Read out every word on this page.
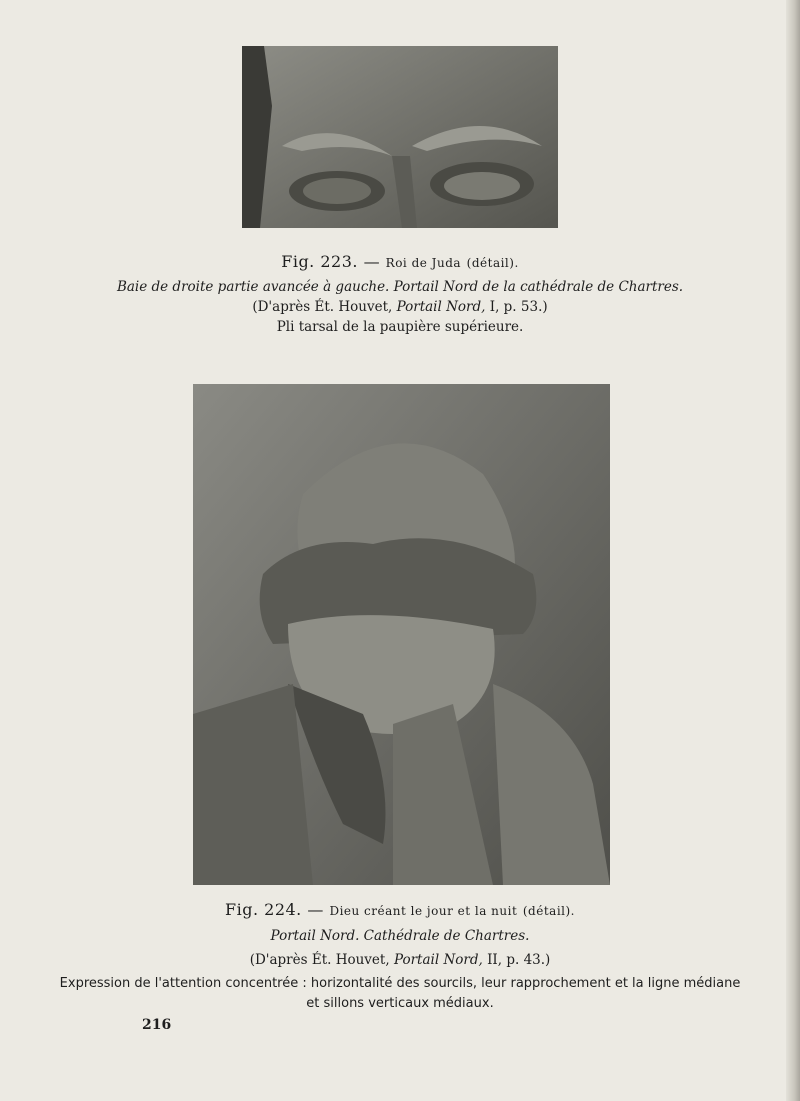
Fig. 223. — Roi de Juda (détail).
Baie de droite partie avancée à gauche. Portail Nord de la cathédrale de Chartres.
(D'après Ét. Houvet, Portail Nord, I, p. 53.)
Pli tarsal de la paupière supérieure.
Fig. 224. — Dieu créant le jour et la nuit (détail).
Portail Nord. Cathédrale de Chartres.
(D'après Ét. Houvet, Portail Nord, II, p. 43.)
Expression de l'attention concentrée : horizontalité des sourcils, leur rapprochement et la ligne médiane
et sillons verticaux médiaux.
216
